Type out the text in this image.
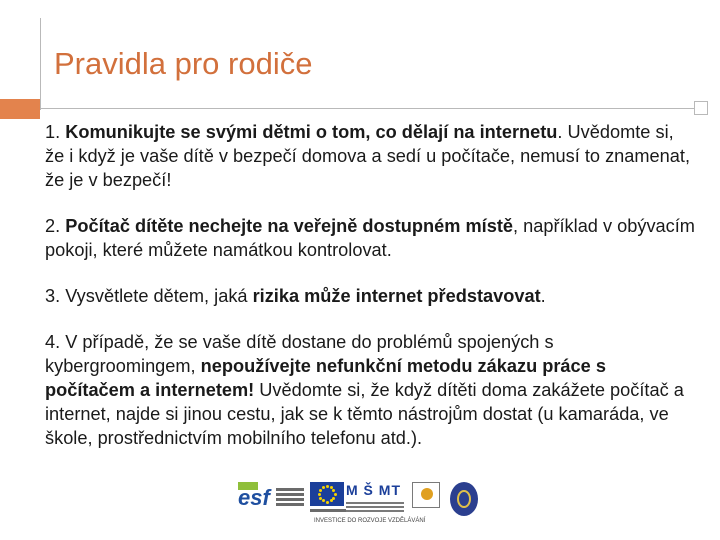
Pravidla pro rodiče

1. Komunikujte se svými dětmi o tom, co dělají na internetu. Uvědomte si, že i když je vaše dítě v bezpečí domova a sedí u počítače, nemusí to znamenat, že je v bezpečí!

2. Počítač dítěte nechejte na veřejně dostupném místě, například v obývacím pokoji, které můžete namátkou kontrolovat.

3. Vysvětlete dětem, jaká rizika může internet představovat.

4. V případě, že se vaše dítě dostane do problémů spojených s kybergroomingem, nepoužívejte nefunkční metodu zákazu práce s počítačem a internetem! Uvědomte si, že když dítěti doma zakážete počítač a internet, najde si jinou cestu, jak se k těmto nástrojům dostat (u kamaráda, ve škole, prostřednictvím mobilního telefonu atd.).

esf	M Š MT
INVESTICE DO ROZVOJE VZDĚLÁVÁNÍ
